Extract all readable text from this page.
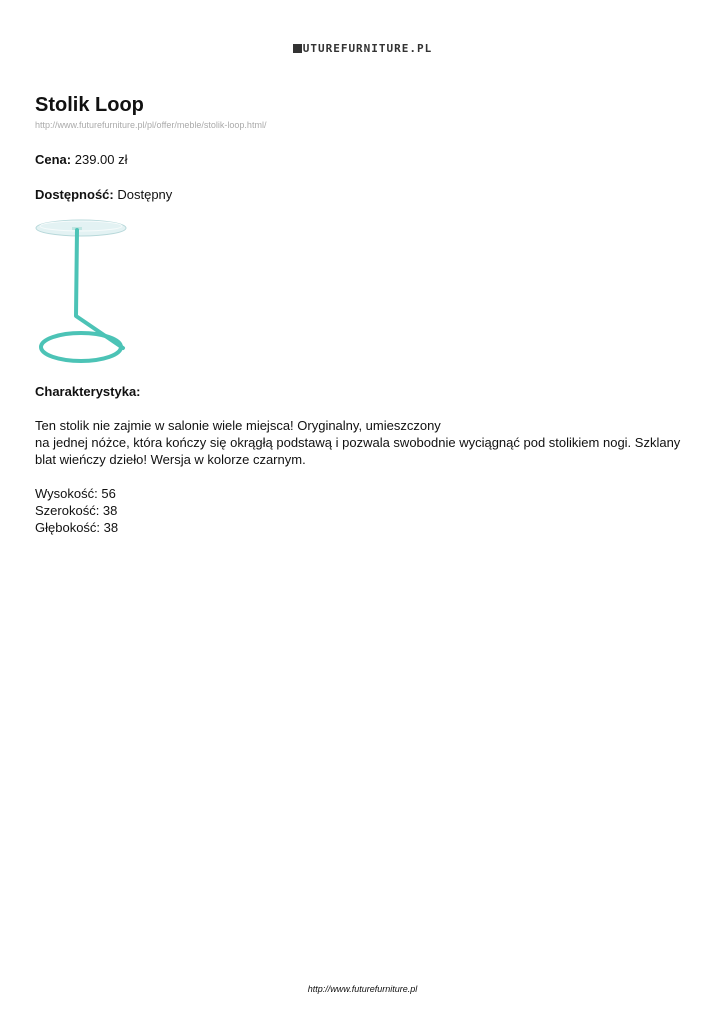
UTUREFURNITURE.PL
Stolik Loop
http://www.futurefurniture.pl/pl/offer/meble/stolik-loop.html/
Cena: 239.00 zł
Dostępność: Dostępny
Charakterystyka:
Ten stolik nie zajmie w salonie wiele miejsca! Oryginalny, umieszczony
na jednej nóżce, która kończy się okrągłą podstawą i pozwala swobodnie wyciągnąć pod stolikiem nogi. Szklany blat wieńczy dzieło! Wersja w kolorze czarnym.
Wysokość: 56
Szerokość: 38
Głębokość: 38
http://www.futurefurniture.pl
